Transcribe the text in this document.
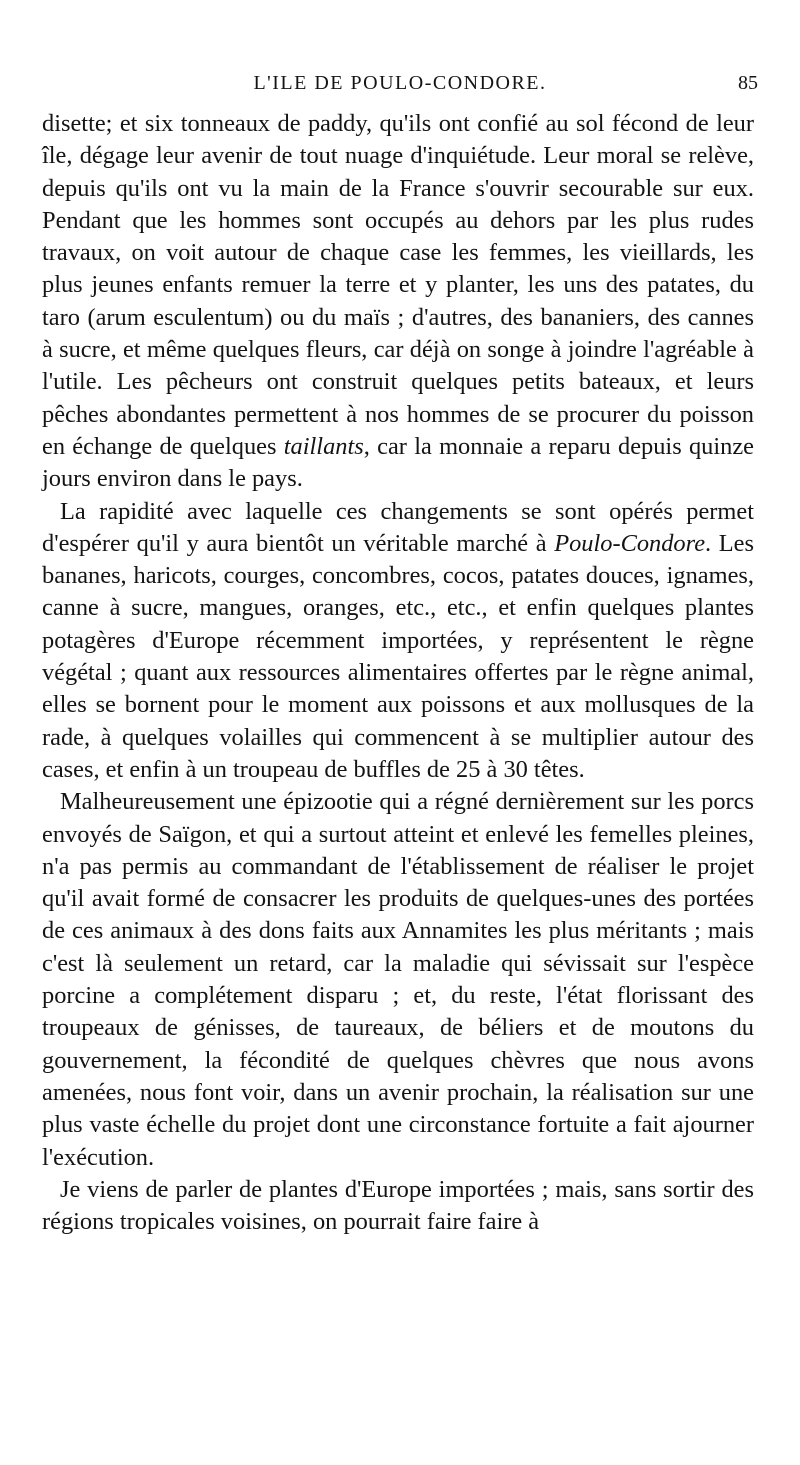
L'ILE DE POULO-CONDORE.	85

disette; et six tonneaux de paddy, qu'ils ont confié au sol fécond de leur île, dégage leur avenir de tout nuage d'inquiétude. Leur moral se relève, depuis qu'ils ont vu la main de la France s'ouvrir secourable sur eux. Pendant que les hommes sont occupés au dehors par les plus rudes travaux, on voit autour de chaque case les femmes, les vieillards, les plus jeunes enfants remuer la terre et y planter, les uns des patates, du taro (arum esculentum) ou du maïs ; d'autres, des bananiers, des cannes à sucre, et même quelques fleurs, car déjà on songe à joindre l'agréable à l'utile. Les pêcheurs ont construit quelques petits bateaux, et leurs pêches abondantes permettent à nos hommes de se procurer du poisson en échange de quelques taillants, car la monnaie a reparu depuis quinze jours environ dans le pays.

La rapidité avec laquelle ces changements se sont opérés permet d'espérer qu'il y aura bientôt un véritable marché à Poulo-Condore. Les bananes, haricots, courges, concombres, cocos, patates douces, ignames, canne à sucre, mangues, oranges, etc., etc., et enfin quelques plantes potagères d'Europe récemment importées, y représentent le règne végétal ; quant aux ressources alimentaires offertes par le règne animal, elles se bornent pour le moment aux poissons et aux mollusques de la rade, à quelques volailles qui commencent à se multiplier autour des cases, et enfin à un troupeau de buffles de 25 à 30 têtes.

Malheureusement une épizootie qui a régné dernièrement sur les porcs envoyés de Saïgon, et qui a surtout atteint et enlevé les femelles pleines, n'a pas permis au commandant de l'établissement de réaliser le projet qu'il avait formé de consacrer les produits de quelques-unes des portées de ces animaux à des dons faits aux Annamites les plus méritants ; mais c'est là seulement un retard, car la maladie qui sévissait sur l'espèce porcine a complétement disparu ; et, du reste, l'état florissant des troupeaux de génisses, de taureaux, de béliers et de moutons du gouvernement, la fécondité de quelques chèvres que nous avons amenées, nous font voir, dans un avenir prochain, la réalisation sur une plus vaste échelle du projet dont une circonstance fortuite a fait ajourner l'exécution.

Je viens de parler de plantes d'Europe importées ; mais, sans sortir des régions tropicales voisines, on pourrait faire faire à
